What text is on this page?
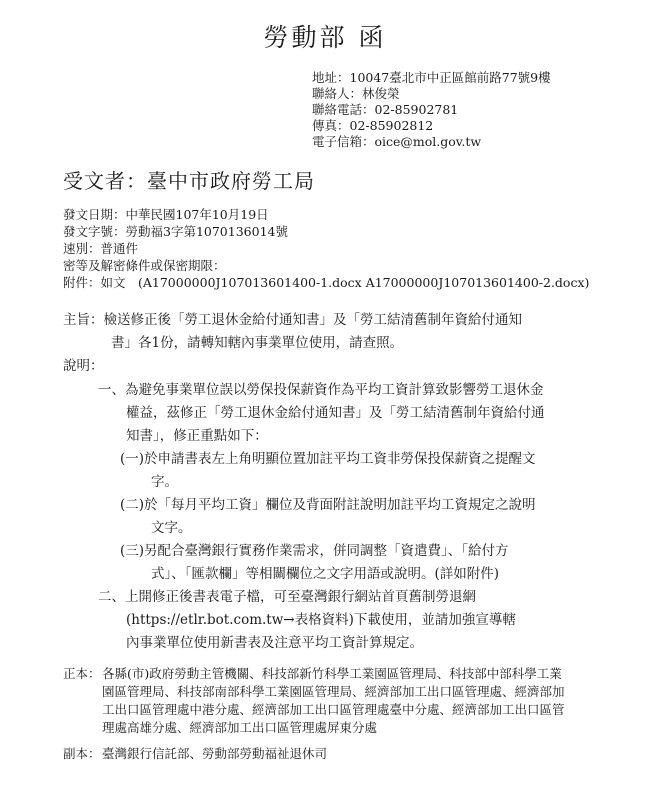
勞動部 函
地址：10047臺北市中正區館前路77號9樓
聯絡人：林俊榮
聯絡電話：02-85902781
傳真：02-85902812
電子信箱：oice@mol.gov.tw
受文者：臺中市政府勞工局
發文日期：中華民國107年10月19日
發文字號：勞動福3字第1070136014號
速別：普通件
密等及解密條件或保密期限：
附件：如文　(A17000000J107013601400-1.docx A17000000J107013601400-2.docx)
主旨：檢送修正後「勞工退休金給付通知書」及「勞工結清舊制年資給付通知
書」各1份，請轉知轄內事業單位使用，請查照。
說明：
一、為避免事業單位誤以勞保投保薪資作為平均工資計算致影響勞工退休金
權益，茲修正「勞工退休金給付通知書」及「勞工結清舊制年資給付通
知書」，修正重點如下：
(一)於申請書表左上角明顯位置加註平均工資非勞保投保薪資之提醒文
字。
(二)於「每月平均工資」欄位及背面附註說明加註平均工資規定之說明
文字。
(三)另配合臺灣銀行實務作業需求，併同調整「資遣費」、「給付方
式」、「匯款欄」等相關欄位之文字用語或說明。(詳如附件)
二、上開修正後書表電子檔，可至臺灣銀行網站首頁舊制勞退網
(https://etlr.bot.com.tw→表格資料)下載使用，並請加強宣導轄
內事業單位使用新書表及注意平均工資計算規定。
正本： 各縣(市)政府勞動主管機關、科技部新竹科學工業園區管理局、科技部中部科學工業
園區管理局、科技部南部科學工業園區管理局、經濟部加工出口區管理處、經濟部加
工出口區管理處中港分處、經濟部加工出口區管理處臺中分處、經濟部加工出口區管
理處高雄分處、經濟部加工出口區管理處屏東分處
副本： 臺灣銀行信託部、勞動部勞動福祉退休司
